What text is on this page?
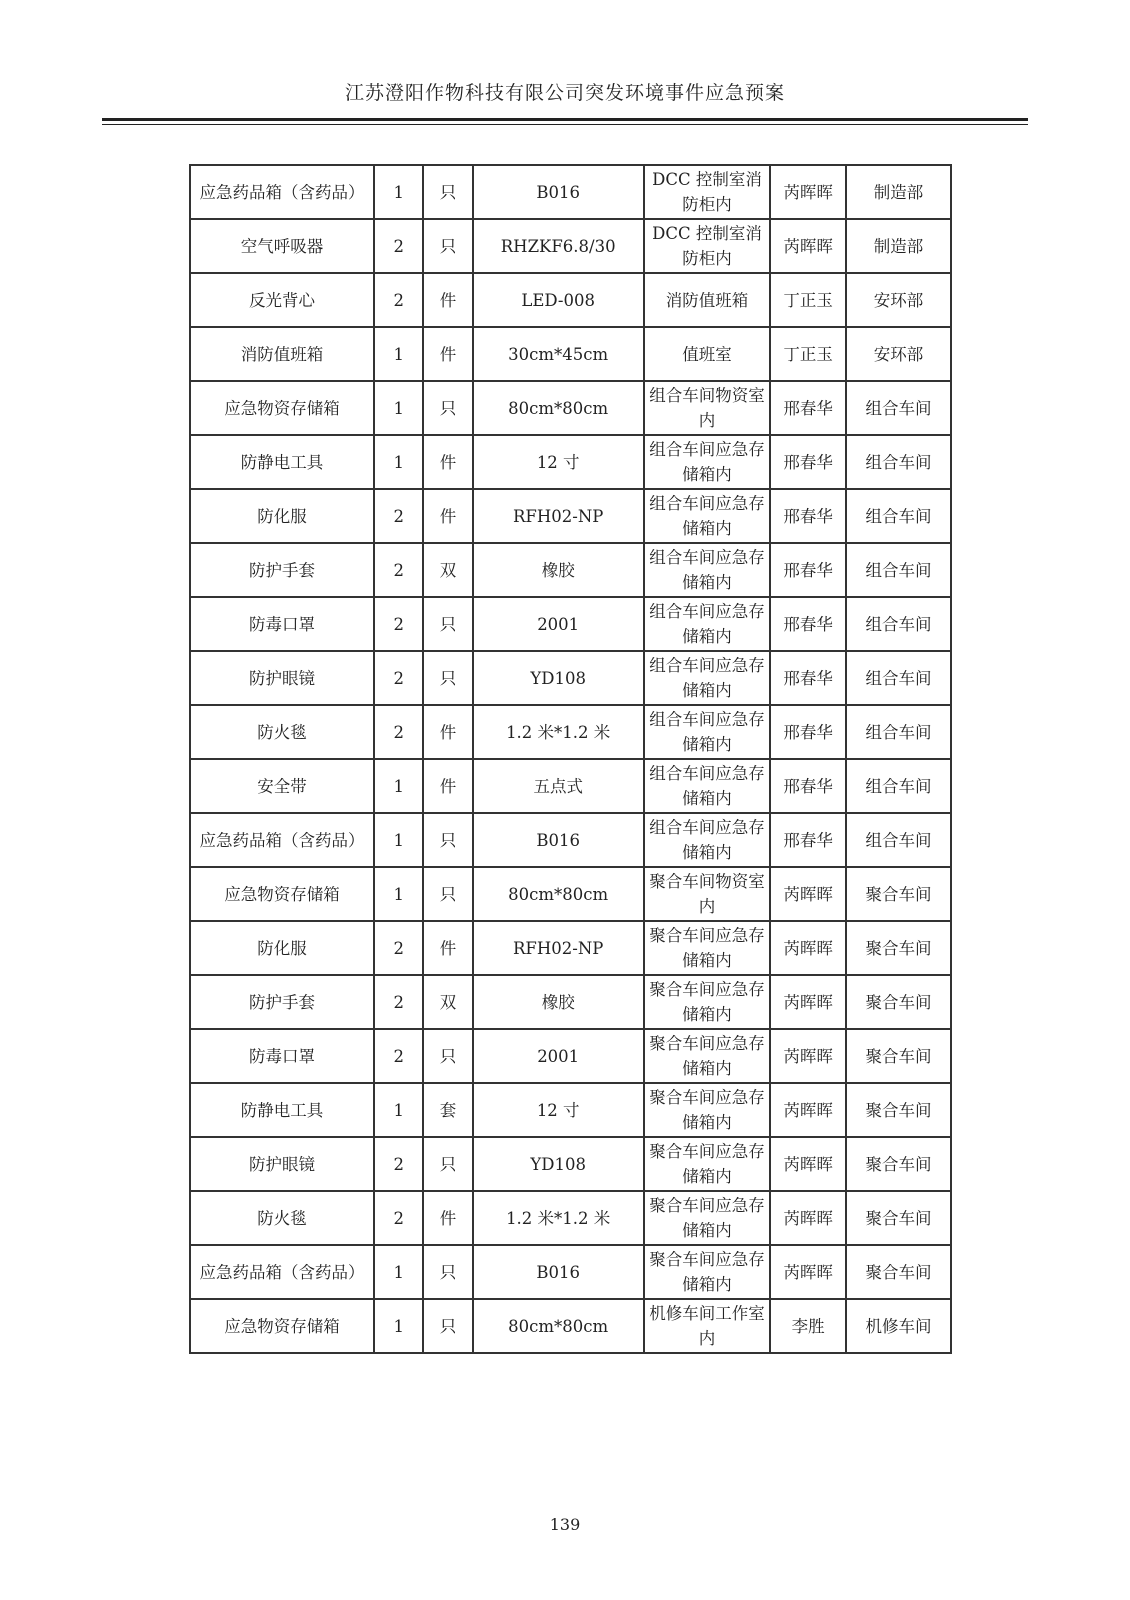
江苏澄阳作物科技有限公司突发环境事件应急预案
应急药品箱（含药品）	1	只	B016	DCC 控制室消防柜内	芮晖晖	制造部
空气呼吸器	2	只	RHZKF6.8/30	DCC 控制室消防柜内	芮晖晖	制造部
反光背心	2	件	LED-008	消防值班箱	丁正玉	安环部
消防值班箱	1	件	30cm*45cm	值班室	丁正玉	安环部
应急物资存储箱	1	只	80cm*80cm	组合车间物资室内	邢春华	组合车间
防静电工具	1	件	12 寸	组合车间应急存储箱内	邢春华	组合车间
防化服	2	件	RFH02-NP	组合车间应急存储箱内	邢春华	组合车间
防护手套	2	双	橡胶	组合车间应急存储箱内	邢春华	组合车间
防毒口罩	2	只	2001	组合车间应急存储箱内	邢春华	组合车间
防护眼镜	2	只	YD108	组合车间应急存储箱内	邢春华	组合车间
防火毯	2	件	1.2 米*1.2 米	组合车间应急存储箱内	邢春华	组合车间
安全带	1	件	五点式	组合车间应急存储箱内	邢春华	组合车间
应急药品箱（含药品）	1	只	B016	组合车间应急存储箱内	邢春华	组合车间
应急物资存储箱	1	只	80cm*80cm	聚合车间物资室内	芮晖晖	聚合车间
防化服	2	件	RFH02-NP	聚合车间应急存储箱内	芮晖晖	聚合车间
防护手套	2	双	橡胶	聚合车间应急存储箱内	芮晖晖	聚合车间
防毒口罩	2	只	2001	聚合车间应急存储箱内	芮晖晖	聚合车间
防静电工具	1	套	12 寸	聚合车间应急存储箱内	芮晖晖	聚合车间
防护眼镜	2	只	YD108	聚合车间应急存储箱内	芮晖晖	聚合车间
防火毯	2	件	1.2 米*1.2 米	聚合车间应急存储箱内	芮晖晖	聚合车间
应急药品箱（含药品）	1	只	B016	聚合车间应急存储箱内	芮晖晖	聚合车间
应急物资存储箱	1	只	80cm*80cm	机修车间工作室内	李胜	机修车间
139
